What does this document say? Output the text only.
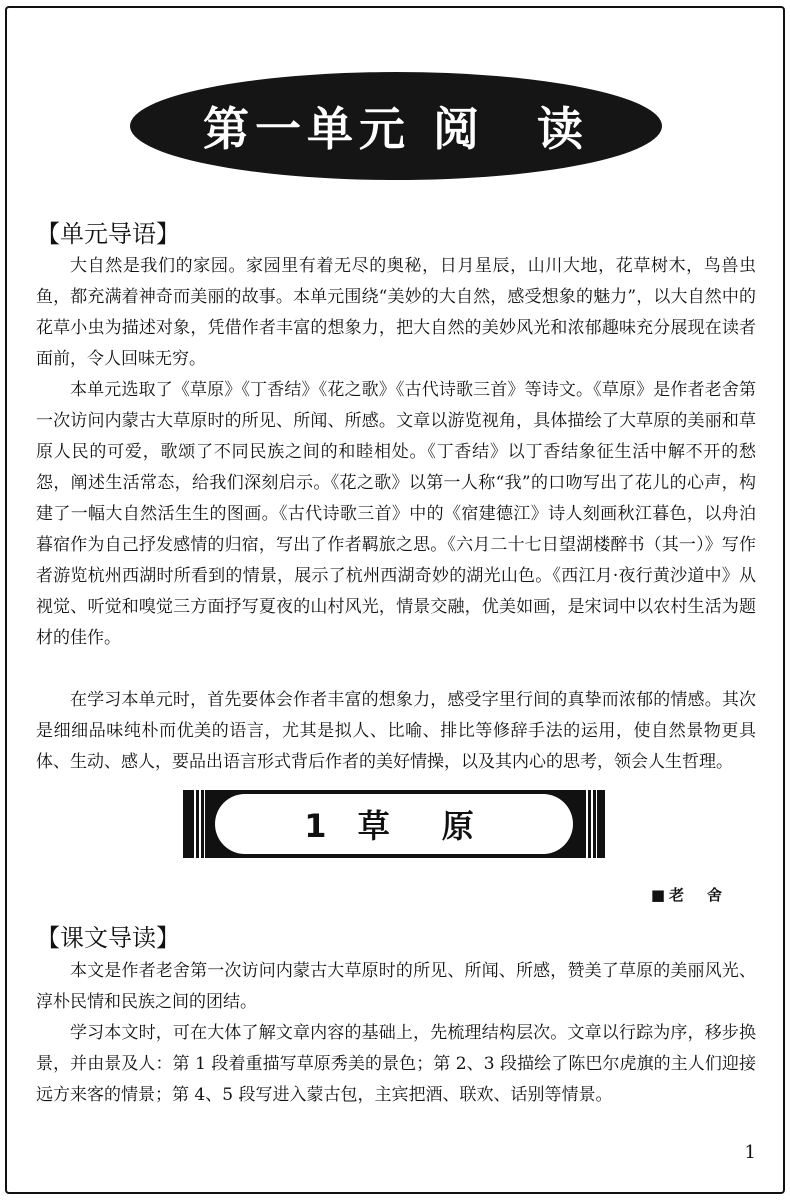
第一单元 阅　读
【单元导语】

大自然是我们的家园。家园里有着无尽的奥秘，日月星辰，山川大地，花草树木，鸟兽虫鱼，都充满着神奇而美丽的故事。本单元围绕“美妙的大自然，感受想象的魅力”，以大自然中的花草小虫为描述对象，凭借作者丰富的想象力，把大自然的美妙风光和浓郁趣味充分展现在读者面前，令人回味无穷。

本单元选取了《草原》《丁香结》《花之歌》《古代诗歌三首》等诗文。《草原》是作者老舍第一次访问内蒙古大草原时的所见、所闻、所感。文章以游览视角，具体描绘了大草原的美丽和草原人民的可爱，歌颂了不同民族之间的和睦相处。《丁香结》以丁香结象征生活中解不开的愁怨，阐述生活常态，给我们深刻启示。《花之歌》以第一人称“我”的口吻写出了花儿的心声，构建了一幅大自然活生生的图画。《古代诗歌三首》中的《宿建德江》诗人刻画秋江暮色，以舟泊暮宿作为自己抒发感情的归宿，写出了作者羁旅之思。《六月二十七日望湖楼醉书（其一）》写作者游览杭州西湖时所看到的情景，展示了杭州西湖奇妙的湖光山色。《西江月·夜行黄沙道中》从视觉、听觉和嗅觉三方面抒写夏夜的山村风光，情景交融，优美如画，是宋词中以农村生活为题材的佳作。

在学习本单元时，首先要体会作者丰富的想象力，感受字里行间的真挚而浓郁的情感。其次是细细品味纯朴而优美的语言，尤其是拟人、比喻、排比等修辞手法的运用，使自然景物更具体、生动、感人，要品出语言形式背后作者的美好情操，以及其内心的思考，领会人生哲理。

1 草　原
■老　舍
【课文导读】

本文是作者老舍第一次访问内蒙古大草原时的所见、所闻、所感，赞美了草原的美丽风光、淳朴民情和民族之间的团结。

学习本文时，可在大体了解文章内容的基础上，先梳理结构层次。文章以行踪为序，移步换景，并由景及人：第 1 段着重描写草原秀美的景色；第 2、3 段描绘了陈巴尔虎旗的主人们迎接远方来客的情景；第 4、5 段写进入蒙古包，主宾把酒、联欢、话别等情景。

1
